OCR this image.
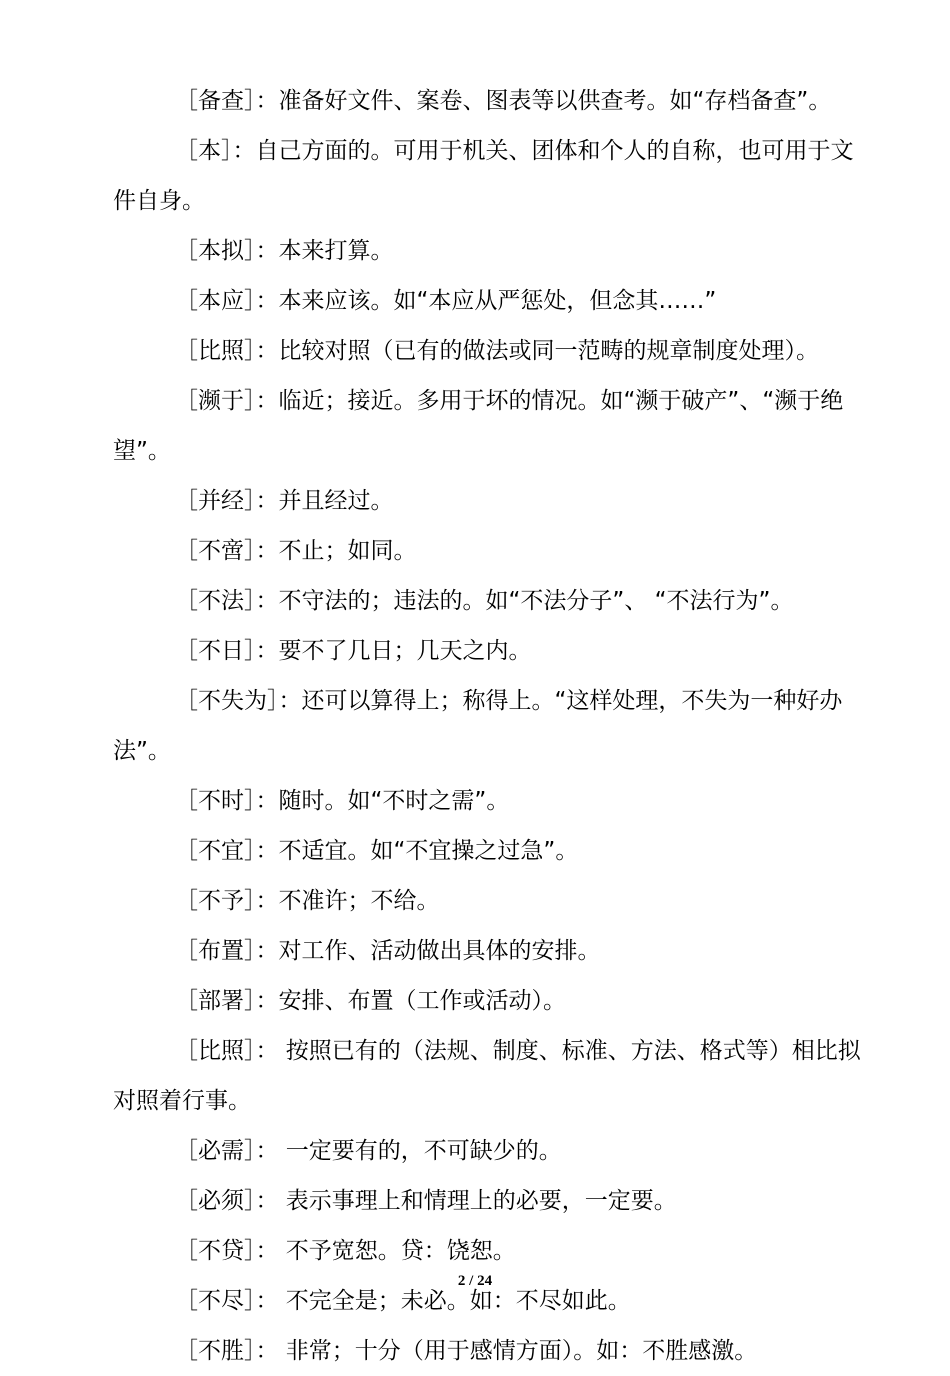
［备查］：准备好文件、案卷、图表等以供查考。如“存档备查”。

［本］：自己方面的。可用于机关、团体和个人的自称，也可用于文件自身。

［本拟］：本来打算。

［本应］：本来应该。如“本应从严惩处，但念其……”

［比照］：比较对照（已有的做法或同一范畴的规章制度处理）。

［濒于］：临近；接近。多用于坏的情况。如“濒于破产”、“濒于绝望”。

［并经］：并且经过。

［不啻］：不止；如同。

［不法］：不守法的；违法的。如“不法分子”、 “不法行为”。

［不日］：要不了几日；几天之内。

［不失为］：还可以算得上；称得上。“这样处理，不失为一种好办法”。

［不时］：随时。如“不时之需”。

［不宜］：不适宜。如“不宜操之过急”。

［不予］：不准许；不给。

［布置］：对工作、活动做出具体的安排。

［部署］：安排、布置（工作或活动）。

［比照］： 按照已有的（法规、制度、标准、方法、格式等）相比拟对照着行事。

［必需］： 一定要有的，不可缺少的。

［必须］： 表示事理上和情理上的必要，一定要。

［不贷］： 不予宽恕。贷：饶恕。

［不尽］： 不完全是；未必。如：不尽如此。

［不胜］： 非常；十分（用于感情方面）。如：不胜感激。

2 / 24
